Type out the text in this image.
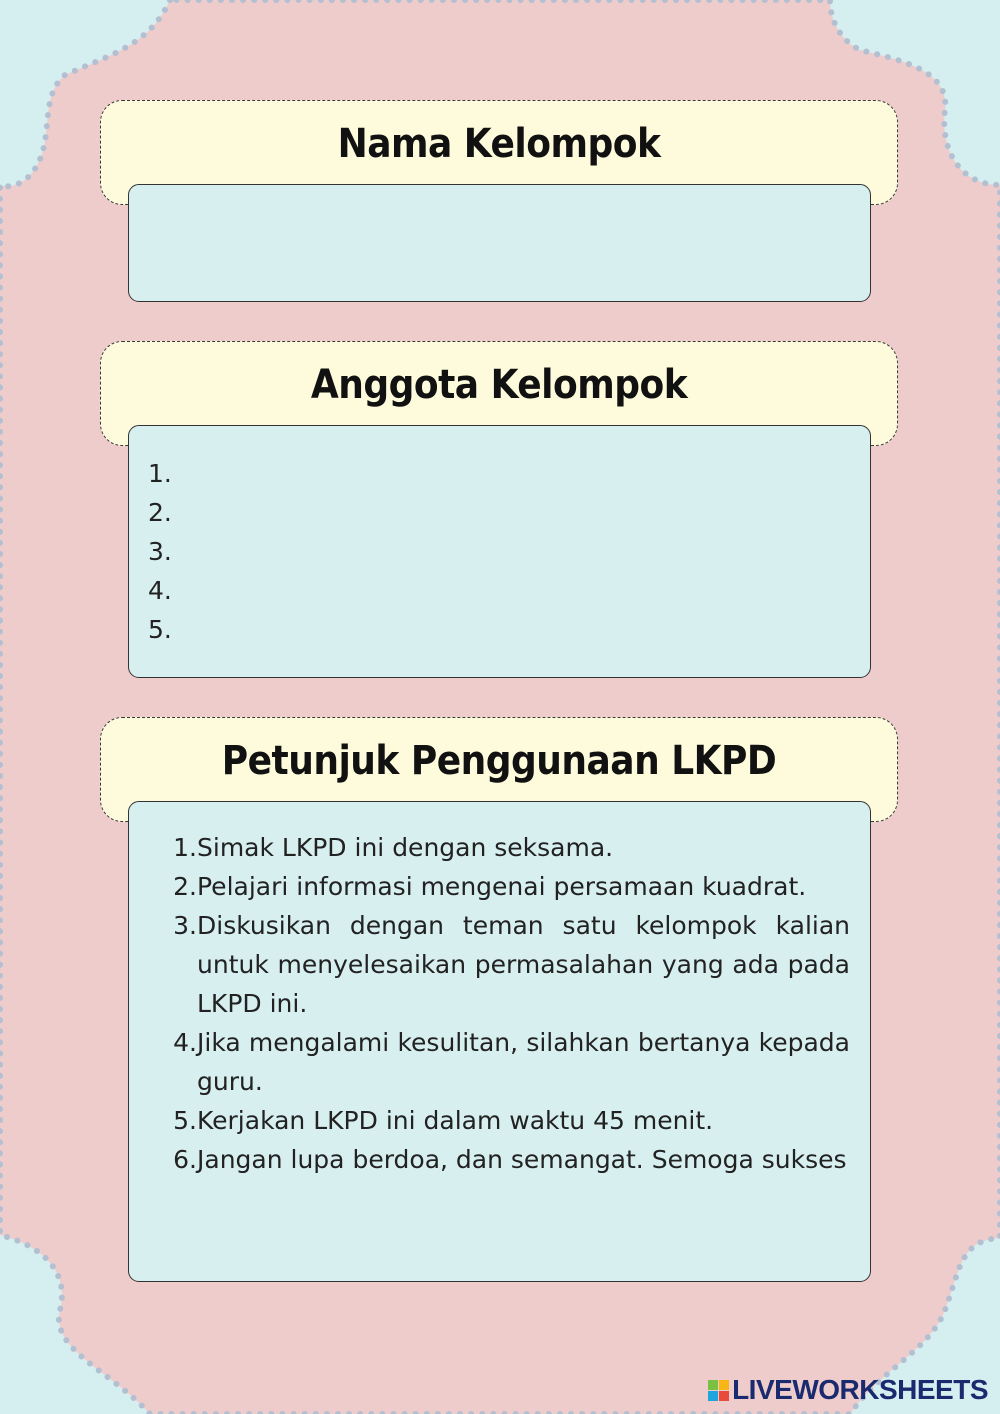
Nama Kelompok
Anggota Kelompok
1.
2.
3.
4.
5.
Petunjuk Penggunaan LKPD
1. Simak LKPD ini dengan seksama.
2. Pelajari informasi mengenai persamaan kuadrat.
3. Diskusikan dengan teman satu kelompok kalian untuk menyelesaikan permasalahan yang ada pada LKPD ini.
4. Jika mengalami kesulitan, silahkan bertanya kepada guru.
5. Kerjakan LKPD ini dalam waktu 45 menit.
6. Jangan lupa berdoa, dan semangat. Semoga sukses
LIVEWORKSHEETS
